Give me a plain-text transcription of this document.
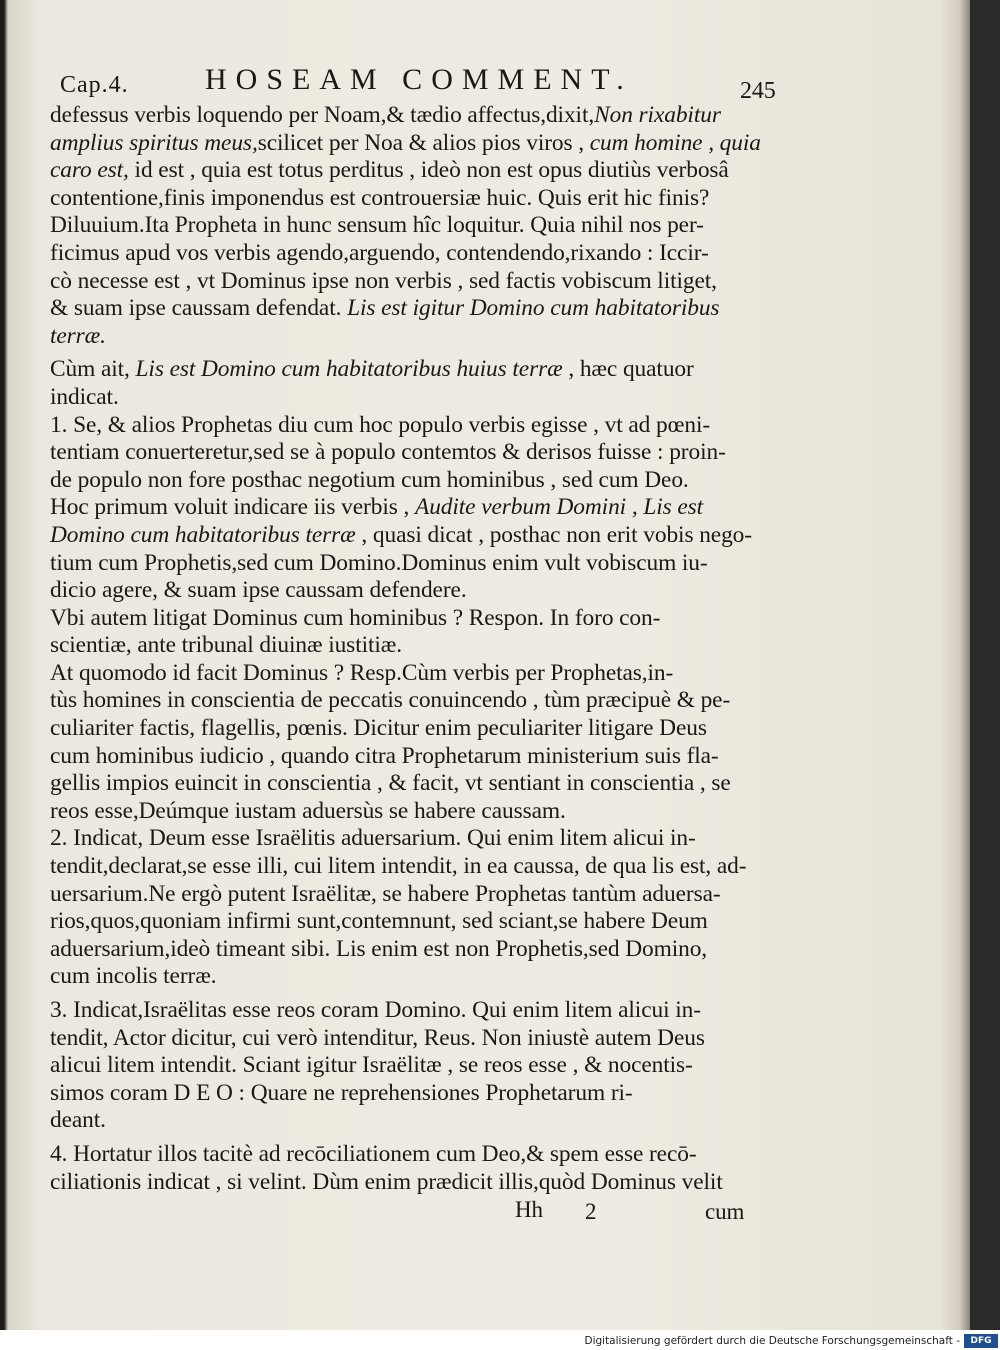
Cap.4.	HOSEAM COMMENT.	245
defessus verbis loquendo per Noam,& tædio affectus,dixit,Non rixabitur
amplius spiritus meus,scilicet per Noa & alios pios viros , cum homine , quia
caro est, id est , quia est totus perditus , ideò non est opus diutiùs verbosâ
contentione,finis imponendus est controuersiæ huic. Quis erit hic finis?
Diluuium.Ita Propheta in hunc sensum hîc loquitur. Quia nihil nos per-
ficimus apud vos verbis agendo,arguendo, contendendo,rixando : Iccir-
cò necesse est , vt Dominus ipse non verbis , sed factis vobiscum litiget,
& suam ipse caussam defendat. Lis est igitur Domino cum habitatoribus
terræ.
Cùm ait, Lis est Domino cum habitatoribus huius terræ , hæc quatuor
indicat.
1. Se, & alios Prophetas diu cum hoc populo verbis egisse , vt ad pœni-
tentiam conuerteretur,sed se à populo contemtos & derisos fuisse : proin-
de populo non fore posthac negotium cum hominibus , sed cum Deo.
Hoc primum voluit indicare iis verbis , Audite verbum Domini , Lis est
Domino cum habitatoribus terræ , quasi dicat , posthac non erit vobis nego-
tium cum Prophetis,sed cum Domino.Dominus enim vult vobiscum iu-
dicio agere, & suam ipse caussam defendere.
Vbi autem litigat Dominus cum hominibus ? Respon. In foro con-
scientiæ, ante tribunal diuinæ iustitiæ.
At quomodo id facit Dominus ? Resp.Cùm verbis per Prophetas,in-
tùs homines in conscientia de peccatis conuincendo , tùm præcipuè & pe-
culiariter factis, flagellis, pœnis. Dicitur enim peculiariter litigare Deus
cum hominibus iudicio , quando citra Prophetarum ministerium suis fla-
gellis impios euincit in conscientia , & facit, vt sentiant in conscientia , se
reos esse,Deúmque iustam aduersùs se habere caussam.
2. Indicat, Deum esse Israëlitis aduersarium. Qui enim litem alicui in-
tendit,declarat,se esse illi, cui litem intendit, in ea caussa, de qua lis est, ad-
uersarium.Ne ergò putent Israëlitæ, se habere Prophetas tantùm aduersa-
rios,quos,quoniam infirmi sunt,contemnunt, sed sciant,se habere Deum
aduersarium,ideò timeant sibi. Lis enim est non Prophetis,sed Domino,
cum incolis terræ.
3. Indicat,Israëlitas esse reos coram Domino. Qui enim litem alicui in-
tendit, Actor dicitur, cui verò intenditur, Reus. Non iniustè autem Deus
alicui litem intendit. Sciant igitur Israëlitæ , se reos esse , & nocentis-
simos coram D E O : Quare ne reprehensiones Prophetarum ri-
deant.
4. Hortatur illos tacitè ad recōciliationem cum Deo,& spem esse recō-
ciliationis indicat , si velint. Dùm enim prædicit illis,quòd Dominus velit
Hh 2	cum
Digitalisierung gefördert durch die Deutsche Forschungsgemeinschaft -	DFG
